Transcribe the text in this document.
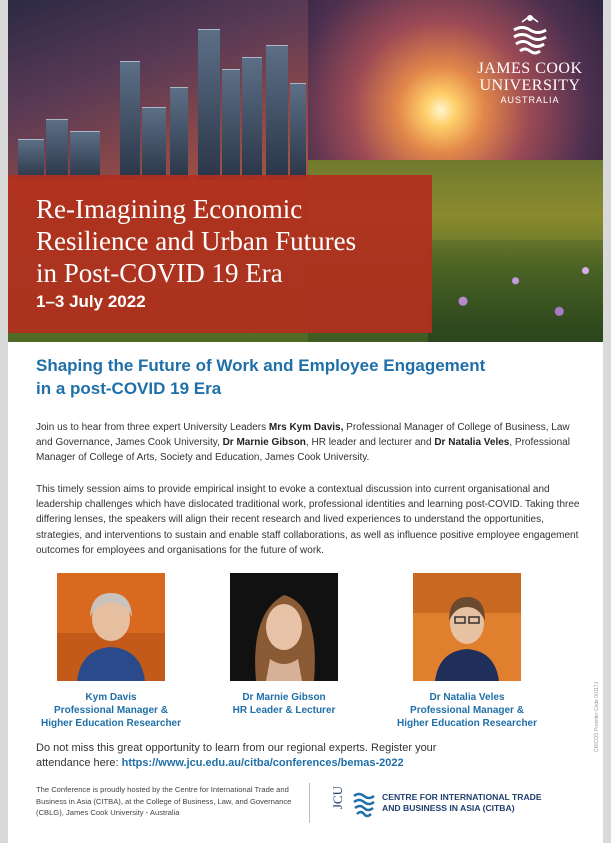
JAMES COOK
UNIVERSITY
AUSTRALIA
Re-Imagining Economic
Resilience and Urban Futures
in Post-COVID 19 Era
1–3 July 2022
Shaping the Future of Work and Employee Engagement
in a post-COVID 19 Era
Join us to hear from three expert University Leaders Mrs Kym Davis, Professional Manager of College of Business, Law and Governance, James Cook University, Dr Marnie Gibson, HR leader and lecturer and Dr Natalia Veles, Professional Manager of College of Arts, Society and Education, James Cook University.
This timely session aims to provide empirical insight to evoke a contextual discussion into current organisational and leadership challenges which have dislocated traditional work, professional identities and learning post-COVID. Taking three differing lenses, the speakers will align their recent research and lived experiences to understand the opportunities, strategies, and interventions to sustain and enable staff collaborations, as well as influence positive employee engagement outcomes for employees and organisations for the future of work.
Kym Davis
Professional Manager &
Higher Education Researcher
Dr Marnie Gibson
HR Leader & Lecturer
Dr Natalia Veles
Professional Manager &
Higher Education Researcher
Do not miss this great opportunity to learn from our regional experts. Register your attendance here: https://www.jcu.edu.au/citba/conferences/bemas-2022
The Conference is proudly hosted by the Centre for International Trade and Business in Asia (CITBA), at the College of Business, Law, and Governance (CBLG), James Cook University - Australia
JCU	CENTRE FOR INTERNATIONAL TRADE
AND BUSINESS IN ASIA (CITBA)
CRICOS Provider Code 00117J
